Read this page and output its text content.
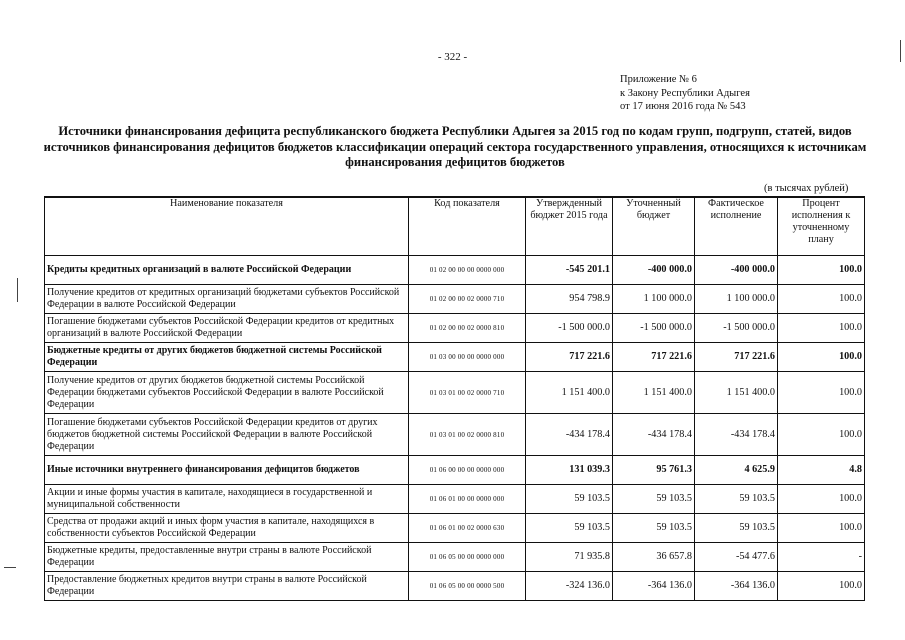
- 322 -
Приложение № 6
к Закону Республики Адыгея
от 17 июня 2016 года № 543
Источники финансирования дефицита республиканского бюджета Республики Адыгея за 2015 год по кодам групп, подгрупп, статей, видов источников финансирования дефицитов бюджетов классификации операций сектора государственного управления, относящихся к источникам финансирования дефицитов бюджетов
(в тысячах рублей)
Наименование показателя	Код показателя	Утвержденный бюджет 2015 года	Уточненный бюджет	Фактическое исполнение	Процент исполнения к уточненному плану
Кредиты кредитных организаций в валюте Российской Федерации	01 02 00 00 00 0000 000	-545 201.1	-400 000.0	-400 000.0	100.0
Получение кредитов от кредитных организаций бюджетами субъектов Российской Федерации в валюте Российской Федерации	01 02 00 00 02 0000 710	954 798.9	1 100 000.0	1 100 000.0	100.0
Погашение бюджетами субъектов Российской Федерации кредитов от кредитных организаций в валюте Российской Федерации	01 02 00 00 02 0000 810	-1 500 000.0	-1 500 000.0	-1 500 000.0	100.0
Бюджетные кредиты от других бюджетов бюджетной системы Российской Федерации	01 03 00 00 00 0000 000	717 221.6	717 221.6	717 221.6	100.0
Получение кредитов от других бюджетов бюджетной системы Российской Федерации бюджетами субъектов Российской Федерации в валюте Российской Федерации	01 03 01 00 02 0000 710	1 151 400.0	1 151 400.0	1 151 400.0	100.0
Погашение бюджетами субъектов Российской Федерации кредитов от других бюджетов бюджетной системы Российской Федерации в валюте Российской Федерации	01 03 01 00 02 0000 810	-434 178.4	-434 178.4	-434 178.4	100.0
Иные источники внутреннего финансирования дефицитов бюджетов	01 06 00 00 00 0000 000	131 039.3	95 761.3	4 625.9	4.8
Акции и иные формы участия в капитале, находящиеся в государственной и муниципальной собственности	01 06 01 00 00 0000 000	59 103.5	59 103.5	59 103.5	100.0
Средства от продажи акций и иных форм участия в капитале, находящихся в собственности субъектов Российской Федерации	01 06 01 00 02 0000 630	59 103.5	59 103.5	59 103.5	100.0
Бюджетные кредиты, предоставленные внутри страны в валюте Российской Федерации	01 06 05 00 00 0000 000	71 935.8	36 657.8	-54 477.6	-
Предоставление бюджетных кредитов внутри страны в валюте Российской Федерации	01 06 05 00 00 0000 500	-324 136.0	-364 136.0	-364 136.0	100.0
